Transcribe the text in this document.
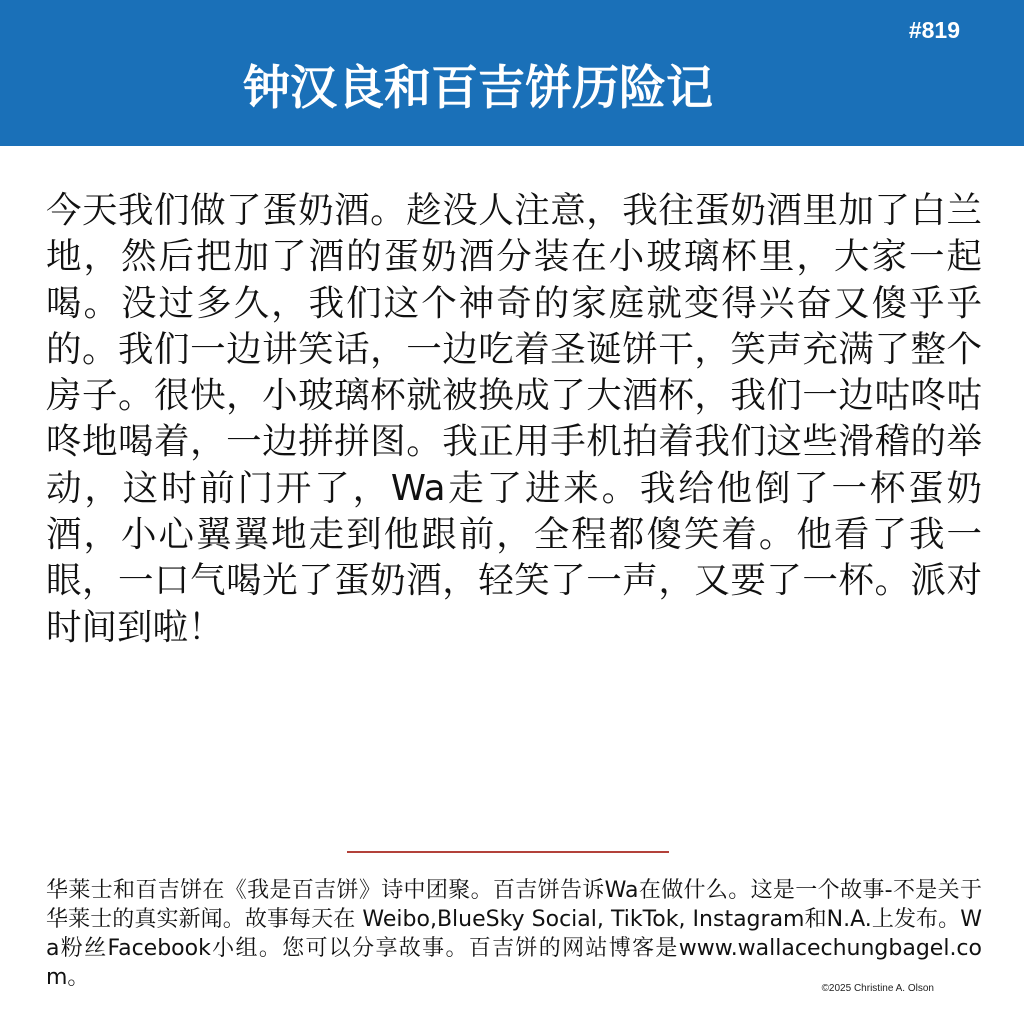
#819
钟汉良和百吉饼历险记
今天我们做了蛋奶酒。趁没人注意，我往蛋奶酒里加了白兰地，然后把加了酒的蛋奶酒分装在小玻璃杯里，大家一起喝。没过多久，我们这个神奇的家庭就变得兴奋又傻乎乎的。我们一边讲笑话，一边吃着圣诞饼干，笑声充满了整个房子。很快，小玻璃杯就被换成了大酒杯，我们一边咕咚咕咚地喝着，一边拼拼图。我正用手机拍着我们这些滑稽的举动，这时前门开了，Wa走了进来。我给他倒了一杯蛋奶酒，小心翼翼地走到他跟前，全程都傻笑着。他看了我一眼，一口气喝光了蛋奶酒，轻笑了一声，又要了一杯。派对时间到啦！
华莱士和百吉饼在《我是百吉饼》诗中团聚。百吉饼告诉Wa在做什么。这是一个故事-不是关于华莱士的真实新闻。故事每天在 Weibo,BlueSky Social, TikTok, Instagram和N.A.上发布。Wa粉丝Facebook小组。您可以分享故事。百吉饼的网站博客是www.wallacechungbagel.com。	©2025 Christine A. Olson
